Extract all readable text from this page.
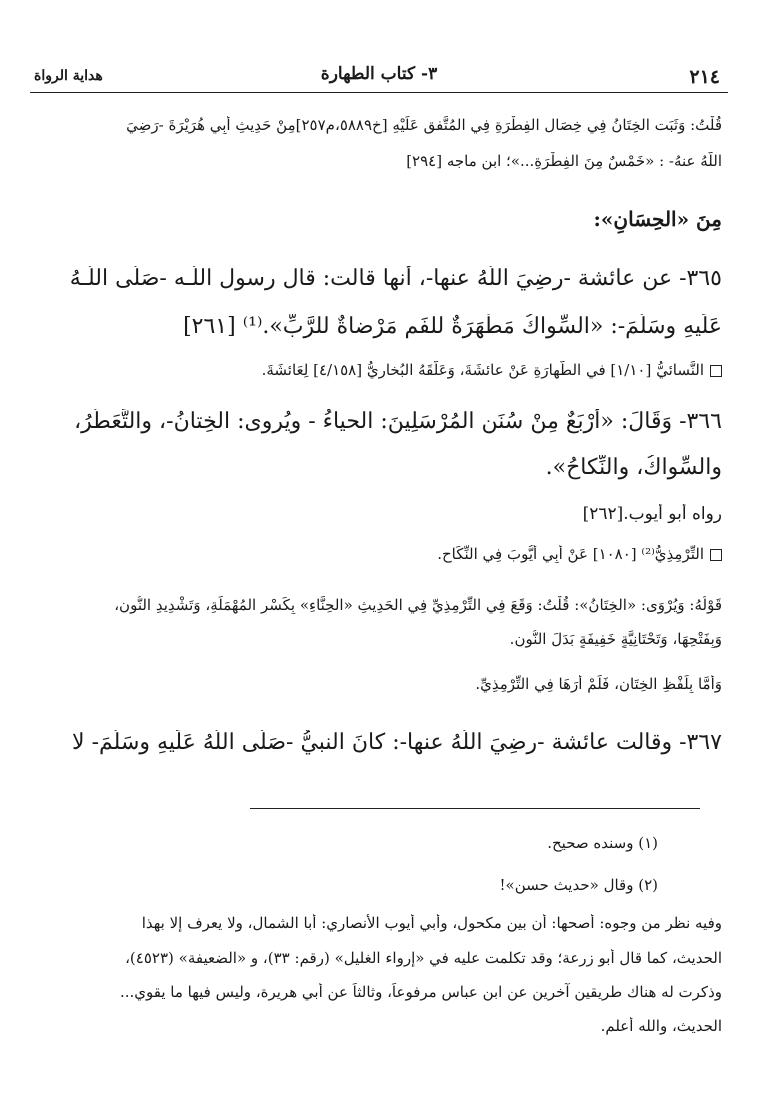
٢١٤
٣- كتاب الطهارة
هداية الرواة
قُلْتُ: وَثَبَت الخِتَانُ فِي خِصَالِ الفِطْرَةِ فِي المُتَّفقِ عَلَيْهِ [خ٥٨٨٩،م٢٥٧]مِنْ حَدِيثِ أَبِي هُرَيْرَةَ -رَضِيَ
اللَّهُ عنهُ- : «خَمْسٌ مِنَ الفِطْرَةِ...»؛ ابن ماجه [٢٩٤]
مِنَ «الحِسَانِ»:
٣٦٥- عن عائشة -رضِيَ اللَّهُ عنها-، أنها قالت: قال رسول اللّـه -صَلّى اللّـهُ
عَلَيهِ وسَلَّمَ-: «السِّواكُ مَطْهَرَةٌ للفَمِ مَرْضاةٌ للرَّبِّ».⁽¹⁾ [٢٦١]
النَّسائيُّ [١/١٠] في الطَّهارَةِ عَنْ عائشَةَ، وَعَلَّقَهُ البُخارِيُّ [٤/١٥٨] لِعَائشَةَ.
٣٦٦- وَقَالَ: «أَرْبَعٌ مِنْ سُنَنِ المُرْسَلِينَ: الحياءُ - ويُروى: الخِتانُ-، والتَّعَطُّرُ،
والسِّواكُ، والنِّكاحُ».
رواه أبو أيوب.[٢٦٢]
التِّرْمِذِيُّ⁽²⁾ [١٠٨٠] عَنْ أَبِي أَيُّوبَ فِي النِّكَاحِ.
قَوْلُهُ: وَيُرْوَى: «الخِتَانُ»: قُلْتُ: وَقَعَ فِي التِّرْمِذِيِّ فِي الحَدِيثِ «الحِنَّاءِ» بِكَسْرِ المُهْمَلَةِ، وَتَشْدِيدِ النُّونِ،
وَبِفَتْحِهَا، وَتَحْتَانِيَّةٍ خَفِيفَةٍ بَدَلَ النُّونِ.
وَأَمَّا بِلَفْظِ الخِتَانِ، فَلَمْ أَرَهَا فِي التِّرْمِذِيِّ.
٣٦٧- وقالت عائشة -رضِيَ اللَّهُ عنها-: كانَ النبيُّ -صَلَّى اللَّهُ عَلَيهِ وسَلَّمَ- لا
(١) وسنده صحيح.
(٢) وقال «حديث حسن»!
وفيه نظر من وجوه: أصحها: أن بين مكحول، وأبي أيوب الأنصاري: أبا الشمال، ولا يعرف إلا بهذا
الحديث، كما قال أبو زرعة؛ وقد تكلمت عليه في «إرواء الغليل» (رقم: ٣٣)، و «الضعيفة» (٤٥٢٣)،
وذكرت له هناك طريقين آخرين عن ابن عباس مرفوعاً، وثالثاً عن أبي هريرة، وليس فيها ما يقوي...
الحديث، والله أعلم.
